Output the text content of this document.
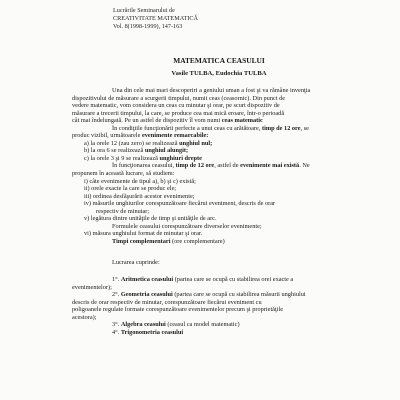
Lucrările Seminarului de
CREATIVITATE MATEMATICĂ
Vol. 8(1998-1999), 147-163
MATEMATICA CEASULUI
Vasile TULBA, Eudochia TULBA

Una din cele mai mari descoperiri a geniului uman a fost şi va rămâne invenţia

dispozitivului de măsurare a scurgerii timpului, numit ceas (ceasornic). Din punct de

vedere matematic, vom considera un ceas cu minutar şi orar, pe scurt dispozitiv de

măsurare a trecerii timpului, la care, se produce cea mai mică eroare, într-o perioadă

cât mai îndelungată. Pe un astfel de dispozitiv îl vom numi ceas matematic

În condiţiile funcţionării perfecte a unui ceas cu arătătoare, timp de 12 ore, se

produc vizibil, următoarele evenimente remarcabile:

a) la orele 12 (zau zero) se realizează unghiul nul;

b) la ora 6 se realizează unghiul alungit;

c) la orele 3 şi 9 se realizează unghiuri drepte

În funcţionarea ceasului, timp de 12 ore, astfel de evenimente mai există. Ne

propunem în această lucrare, să studiem:

i) câte evenimente de tipul a), b) şi c) există;

ii) orele exacte la care se produc ele;

iii) ordinea desfăşurării acestor evenimente;

iv) măsurile unghiurilor corespunzătoare fiecărui eveniment, descris de orar

respectiv de minutar;

v) legătura dintre unităţile de timp şi unităţile de arc.

Formulele ceasului corespunzătoare diverselor evenimente;

vi) măsura unghiului format de minutar şi orar.

Timpi complementari (ore complementare)

Lucrarea cuprinde:

1°. Aritmetica ceasului (partea care se ocupă cu stabilirea orei exacte a

evenimentelor);

2°. Geometria ceasului (partea care se ocupă cu stabilirea măsurii unghiului

descris de orar respectiv de minutar, corespunzătoare fiecărui eveniment cu

poligoanele regulate formate corespunzătoare evenimentelor precum şi proprietăţile

acestora);

3°. Algebra ceasului (ceasul ca model matematic)

4°. Trigonometria ceasului
